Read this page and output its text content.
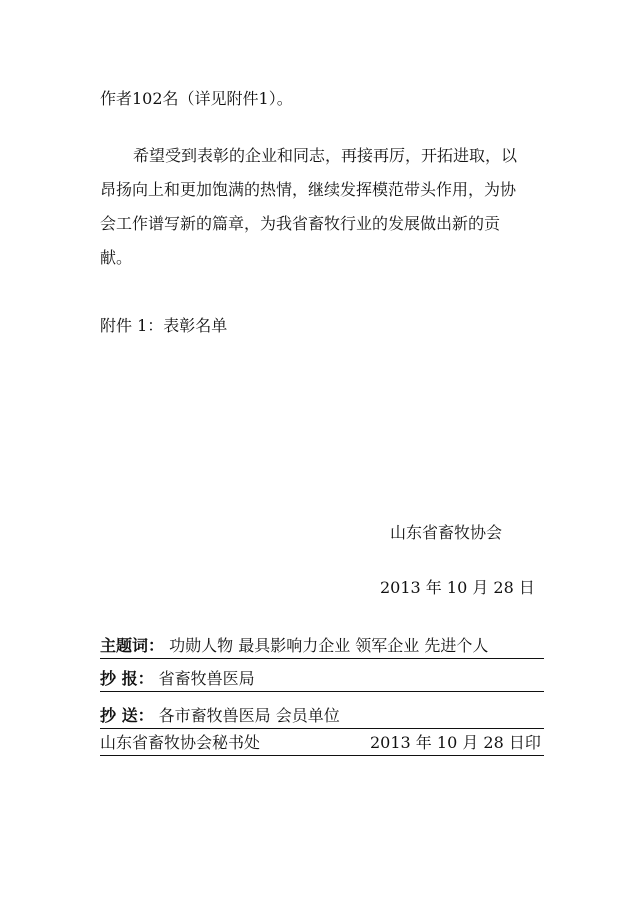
作者102名（详见附件1）。

希望受到表彰的企业和同志，再接再厉，开拓进取，以

昂扬向上和更加饱满的热情，继续发挥模范带头作用，为协

会工作谱写新的篇章，为我省畜牧行业的发展做出新的贡

献。

附件 1：表彰名单

山东省畜牧协会

2013 年 10 月 28 日

主题词： 功勋人物 最具影响力企业 领军企业 先进个人
抄 报： 省畜牧兽医局
抄 送： 各市畜牧兽医局 会员单位
山东省畜牧协会秘书处	2013 年 10 月 28 日印
